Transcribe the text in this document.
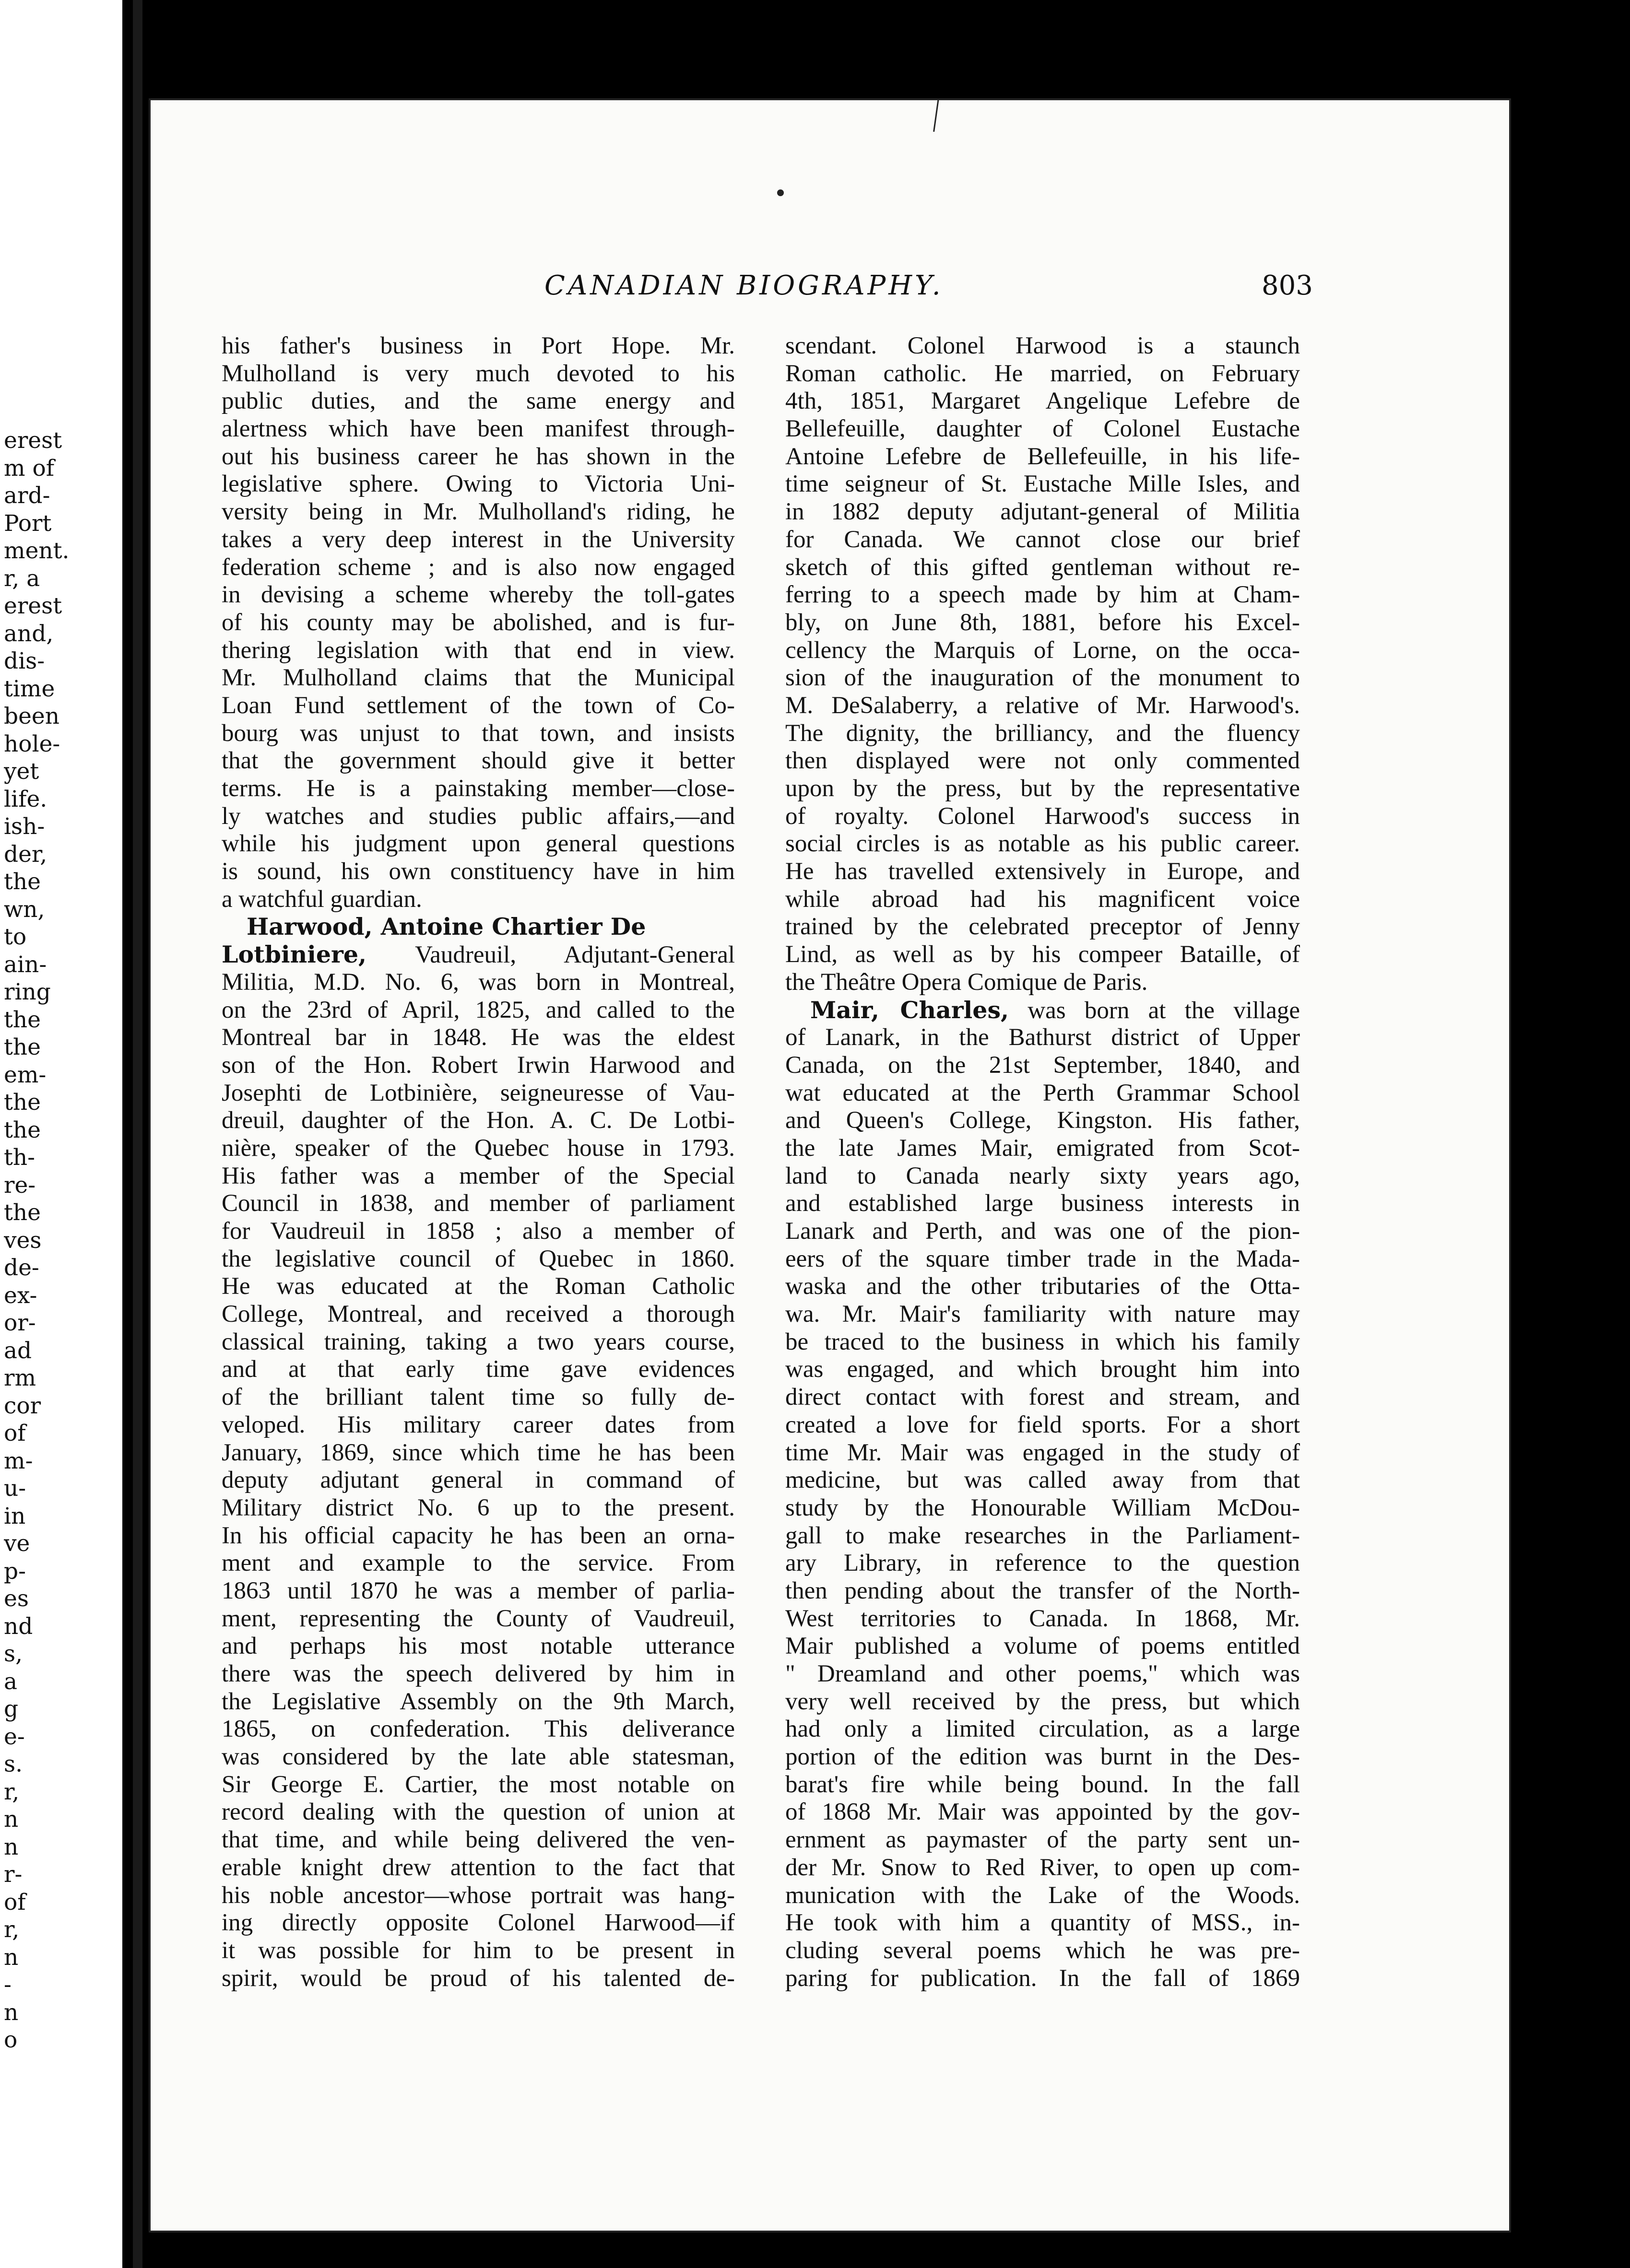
erest
m of
ard-
Port
ment.
r, a
erest
and,
dis-
time
been
hole-
yet
life.
ish-
der,
the
wn,
to
ain-
ring
the
the
em-
the
the
th-
re-
the
ves
de-
ex-
or-
ad
rm
cor
of
m-
u-
in
ve
p-
es
nd
s,
a
g
e-
s.
r,
n
n
r-
of
r,
n
-
n
o
CANADIAN BIOGRAPHY.	803
his father's business in Port Hope. Mr.
Mulholland is very much devoted to his
public duties, and the same energy and
alertness which have been manifest through-
out his business career he has shown in the
legislative sphere. Owing to Victoria Uni-
versity being in Mr. Mulholland's riding, he
takes a very deep interest in the University
federation scheme ; and is also now engaged
in devising a scheme whereby the toll-gates
of his county may be abolished, and is fur-
thering legislation with that end in view.
Mr. Mulholland claims that the Municipal
Loan Fund settlement of the town of Co-
bourg was unjust to that town, and insists
that the government should give it better
terms. He is a painstaking member—close-
ly watches and studies public affairs,—and
while his judgment upon general questions
is sound, his own constituency have in him
a watchful guardian.
Harwood, Antoine Chartier De
Lotbiniere, Vaudreuil, Adjutant-General
Militia, M.D. No. 6, was born in Montreal,
on the 23rd of April, 1825, and called to the
Montreal bar in 1848. He was the eldest
son of the Hon. Robert Irwin Harwood and
Josephti de Lotbinière, seigneuresse of Vau-
dreuil, daughter of the Hon. A. C. De Lotbi-
nière, speaker of the Quebec house in 1793.
His father was a member of the Special
Council in 1838, and member of parliament
for Vaudreuil in 1858 ; also a member of
the legislative council of Quebec in 1860.
He was educated at the Roman Catholic
College, Montreal, and received a thorough
classical training, taking a two years course,
and at that early time gave evidences
of the brilliant talent time so fully de-
veloped. His military career dates from
January, 1869, since which time he has been
deputy adjutant general in command of
Military district No. 6 up to the present.
In his official capacity he has been an orna-
ment and example to the service. From
1863 until 1870 he was a member of parlia-
ment, representing the County of Vaudreuil,
and perhaps his most notable utterance
there was the speech delivered by him in
the Legislative Assembly on the 9th March,
1865, on confederation. This deliverance
was considered by the late able statesman,
Sir George E. Cartier, the most notable on
record dealing with the question of union at
that time, and while being delivered the ven-
erable knight drew attention to the fact that
his noble ancestor—whose portrait was hang-
ing directly opposite Colonel Harwood—if
it was possible for him to be present in
spirit, would be proud of his talented de-
scendant. Colonel Harwood is a staunch
Roman catholic. He married, on February
4th, 1851, Margaret Angelique Lefebre de
Bellefeuille, daughter of Colonel Eustache
Antoine Lefebre de Bellefeuille, in his life-
time seigneur of St. Eustache Mille Isles, and
in 1882 deputy adjutant-general of Militia
for Canada. We cannot close our brief
sketch of this gifted gentleman without re-
ferring to a speech made by him at Cham-
bly, on June 8th, 1881, before his Excel-
cellency the Marquis of Lorne, on the occa-
sion of the inauguration of the monument to
M. DeSalaberry, a relative of Mr. Harwood's.
The dignity, the brilliancy, and the fluency
then displayed were not only commented
upon by the press, but by the representative
of royalty. Colonel Harwood's success in
social circles is as notable as his public career.
He has travelled extensively in Europe, and
while abroad had his magnificent voice
trained by the celebrated preceptor of Jenny
Lind, as well as by his compeer Bataille, of
the Theâtre Opera Comique de Paris.
Mair, Charles, was born at the village
of Lanark, in the Bathurst district of Upper
Canada, on the 21st September, 1840, and
wat educated at the Perth Grammar School
and Queen's College, Kingston. His father,
the late James Mair, emigrated from Scot-
land to Canada nearly sixty years ago,
and established large business interests in
Lanark and Perth, and was one of the pion-
eers of the square timber trade in the Mada-
waska and the other tributaries of the Otta-
wa. Mr. Mair's familiarity with nature may
be traced to the business in which his family
was engaged, and which brought him into
direct contact with forest and stream, and
created a love for field sports. For a short
time Mr. Mair was engaged in the study of
medicine, but was called away from that
study by the Honourable William McDou-
gall to make researches in the Parliament-
ary Library, in reference to the question
then pending about the transfer of the North-
West territories to Canada. In 1868, Mr.
Mair published a volume of poems entitled
" Dreamland and other poems," which was
very well received by the press, but which
had only a limited circulation, as a large
portion of the edition was burnt in the Des-
barat's fire while being bound. In the fall
of 1868 Mr. Mair was appointed by the gov-
ernment as paymaster of the party sent un-
der Mr. Snow to Red River, to open up com-
munication with the Lake of the Woods.
He took with him a quantity of MSS., in-
cluding several poems which he was pre-
paring for publication. In the fall of 1869
